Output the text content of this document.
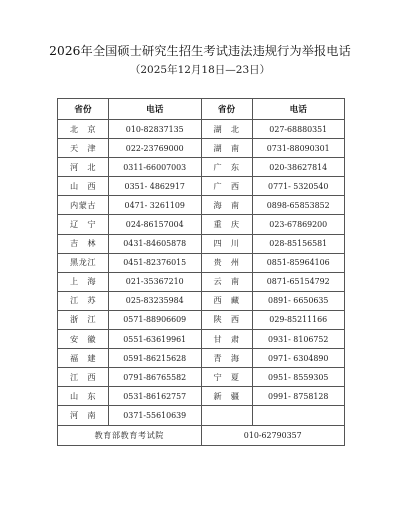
2026年全国硕士研究生招生考试违法违规行为举报电话
（2025年12月18日—23日）
省份	电话	省份	电话
北　京	010-82837135	湖　北	027-68880351
天　津	022-23769000	湖　南	0731-88090301
河　北	0311-66007003	广　东	020-38627814
山　西	0351- 4862917	广　西	0771- 5320540
内蒙古	0471- 3261109	海　南	0898-65853852
辽　宁	024-86157004	重　庆	023-67869200
吉　林	0431-84605878	四　川	028-85156581
黑龙江	0451-82376015	贵　州	0851-85964106
上　海	021-35367210	云　南	0871-65154792
江　苏	025-83235984	西　藏	0891- 6650635
浙　江	0571-88906609	陕　西	029-85211166
安　徽	0551-63619961	甘　肃	0931- 8106752
福　建	0591-86215628	青　海	0971- 6304890
江　西	0791-86765582	宁　夏	0951- 8559305
山　东	0531-86162757	新　疆	0991- 8758128
河　南	0371-55610639		
教育部教育考试院		010-62790357	
